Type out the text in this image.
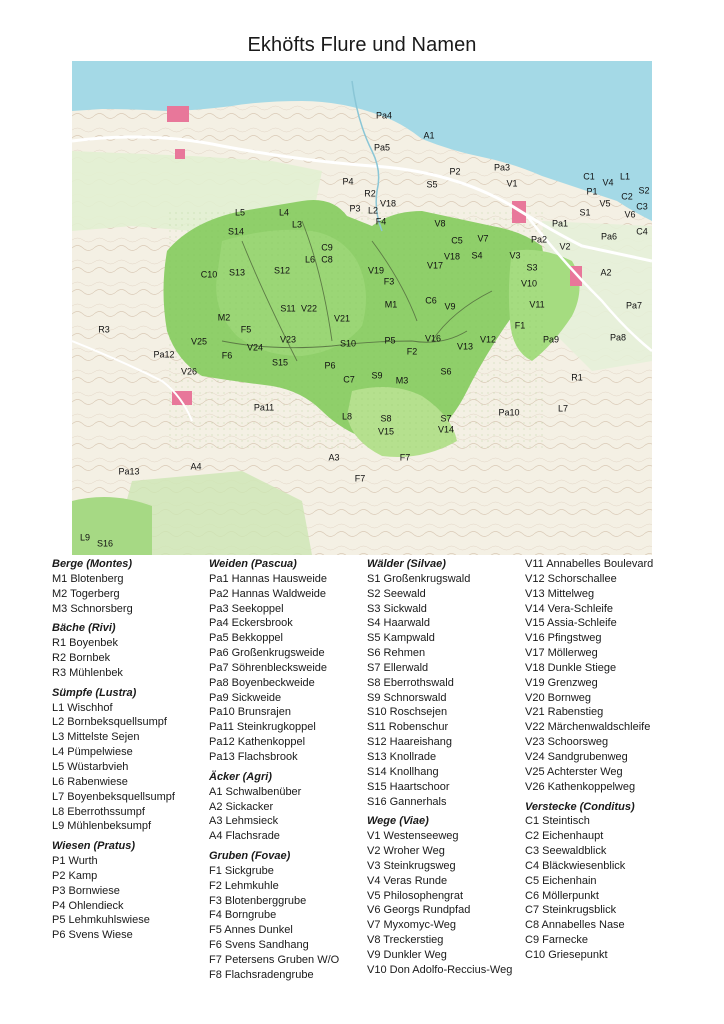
Ekhöfts Flure und Namen
Pa4
A1
Pa5
P2	Pa3
V1
C1
V4
L1
P1	C2
S2
V5	C3
S1	V6
P4
R2
S5
P3 L2
V18
L5	L4
F4	V8	Pa1
L3
S14
C5 V7	Pa2
V2
Pa6 C4
C9
V3
V18 S4
C8
L6
V17	S3	A2
C10 S13	S12	V19
F3	V10
M1	C6
V9	V11	Pa7
R3
S11 V22
V21
M2
F1
F5
Pa9	Pa8
V23	S10	P5	V16	V12
V25	V13
V24	F2
Pa12	F6
S15	P6
S6
V26
C7 S9 M3	R1
L7
Pa11	Pa10
L8	S8	S7
V15	V14
A3	F7
A4
Pa13
F7
L9
S16
Berge (Montes)
M1 Blotenberg
M2 Togerberg
M3 Schnorsberg
Bäche (Rivi)
R1 Boyenbek
R2 Bornbek
R3 Mühlenbek
Sümpfe (Lustra)
L1 Wischhof
L2 Bornbeksquellsumpf
L3 Mittelste Sejen
L4 Pümpelwiese
L5 Wüstarbvieh
L6 Rabenwiese
L7 Boyenbeksquellsumpf
L8 Eberrothssumpf
L9 Mühlenbeksumpf
Wiesen (Pratus)
P1 Wurth
P2 Kamp
P3 Bornwiese
P4 Ohlendieck
P5 Lehmkuhlswiese
P6 Svens Wiese
Weiden (Pascua)
Pa1 Hannas Hausweide
Pa2 Hannas Waldweide
Pa3 Seekoppel
Pa4 Eckersbrook
Pa5 Bekkoppel
Pa6 Großenkrugsweide
Pa7 Söhrenblecksweide
Pa8 Boyenbeckweide
Pa9 Sickweide
Pa10 Brunsrajen
Pa11 Steinkrugkoppel
Pa12 Kathenkoppel
Pa13 Flachsbrook
Äcker (Agri)
A1 Schwalbenüber
A2 Sickacker
A3 Lehmsieck
A4 Flachsrade
Gruben (Fovae)
F1 Sickgrube
F2 Lehmkuhle
F3 Blotenberggrube
F4 Borngrube
F5 Annes Dunkel
F6 Svens Sandhang
F7 Petersens Gruben W/O
F8 Flachsradengrube
Wälder (Silvae)
S1 Großenkrugswald
S2 Seewald
S3 Sickwald
S4 Haarwald
S5 Kampwald
S6 Rehmen
S7 Ellerwald
S8 Eberrothswald
S9 Schnorswald
S10 Roschsejen
S11 Robenschur
S12 Haareishang
S13 Knollrade
S14 Knollhang
S15 Haartschoor
S16 Gannerhals
Wege (Viae)
V1 Westenseeweg
V2 Wroher Weg
V3 Steinkrugsweg
V4 Veras Runde
V5 Philosophengrat
V6 Georgs Rundpfad
V7 Myxomyc-Weg
V8 Treckerstieg
V9 Dunkler Weg
V10 Don Adolfo-Reccius-Weg
V11 Annabelles Boulevard
V12 Schorschallee
V13 Mittelweg
V14 Vera-Schleife
V15 Assia-Schleife
V16 Pfingstweg
V17 Möllerweg
V18 Dunkle Stiege
V19 Grenzweg
V20 Bornweg
V21 Rabenstieg
V22 Märchenwaldschleife
V23 Schoorsweg
V24 Sandgrubenweg
V25 Achterster Weg
V26 Kathenkoppelweg
Verstecke (Conditus)
C1 Steintisch
C2 Eichenhaupt
C3 Seewaldblick
C4 Bläckwiesenblick
C5 Eichenhain
C6 Möllerpunkt
C7 Steinkrugsblick
C8 Annabelles Nase
C9 Farnecke
C10 Griesepunkt
